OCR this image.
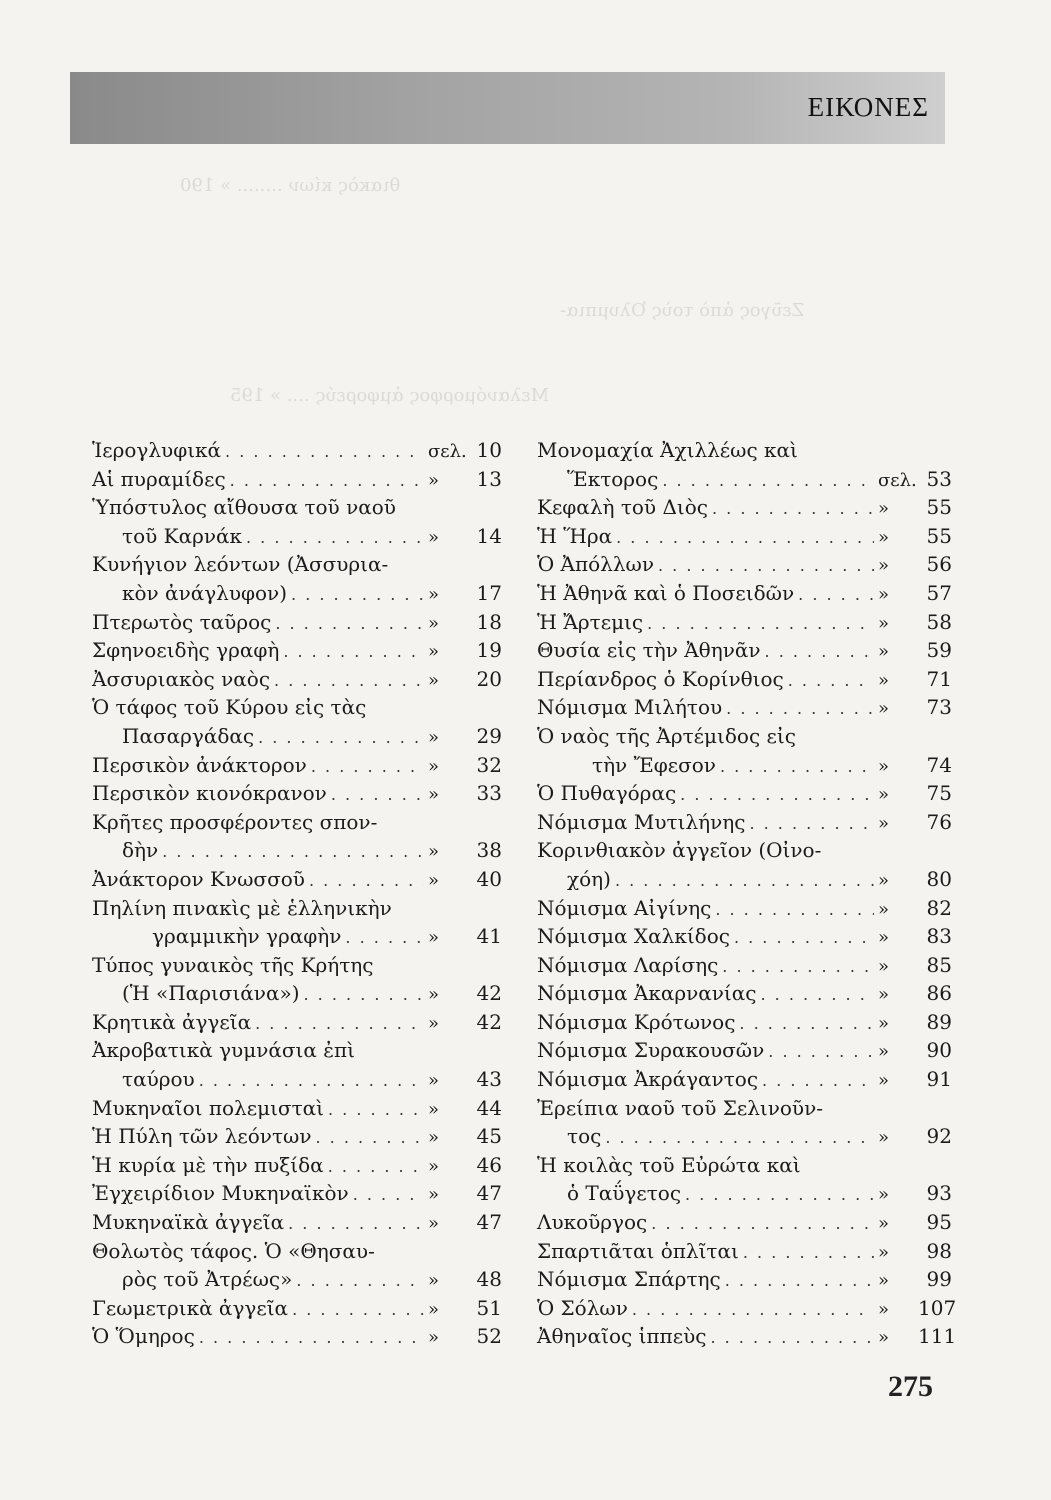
θιακὸς κίων ........ » 190
Ζεῦγος ἀπὸ τοὺς Ὀλυμπια-
Μελανόμορφος ἀμφορεύς .... » 195
ΕΙΚΟΝΕΣ
Ἱερογλυφικά . . .	σελ. 10
Αἱ πυραμίδες . . .	»	13
Ὑπόστυλος αἴθουσα τοῦ ναοῦ
τοῦ Καρνάκ . . .	»	14
Κυνήγιον λεόντων (Ἀσσυρια-
κὸν ἀνάγλυφον) . . .	»	17
Πτερωτὸς ταῦρος . . .	»	18
Σφηνοειδὴς γραφὴ . . .	»	19
Ἀσσυριακὸς ναὸς . . .	»	20
Ὁ τάφος τοῦ Κύρου εἰς τὰς
Πασαργάδας . . .	»	29
Περσικὸν ἀνάκτορον . . .	»	32
Περσικὸν κιονόκρανον . . .	»	33
Κρῆτες προσφέροντες σπον-
δὴν . . .	»	38
Ἀνάκτορον Κνωσσοῦ . . .	»	40
Πηλίνη πινακὶς μὲ ἑλληνικὴν
γραμμικὴν γραφὴν . . .	»	41
Τύπος γυναικὸς τῆς Κρήτης
(Ἡ «Παρισιάνα») . . .	»	42
Κρητικὰ ἀγγεῖα . . .	»	42
Ἀκροβατικὰ γυμνάσια ἐπὶ
ταύρου . . .	»	43
Μυκηναῖοι πολεμισταὶ . . .	»	44
Ἡ Πύλη τῶν λεόντων . . .	»	45
Ἡ κυρία μὲ τὴν πυξίδα . . .	»	46
Ἐγχειρίδιον Μυκηναϊκὸν . . .	»	47
Μυκηναϊκὰ ἀγγεῖα . . .	»	47
Θολωτὸς τάφος. Ὁ «Θησαυ-
ρὸς τοῦ Ἀτρέως» . . .	»	48
Γεωμετρικὰ ἀγγεῖα . . .	»	51
Ὁ Ὅμηρος . . .	»	52
Μονομαχία Ἀχιλλέως καὶ
Ἕκτορος . . .	σελ. 53
Κεφαλὴ τοῦ Διὸς . . .	»	55
Ἡ Ἥρα . . .	»	55
Ὁ Ἀπόλλων . . .	»	56
Ἡ Ἀθηνᾶ καὶ ὁ Ποσειδῶν . . .	»	57
Ἡ Ἄρτεμις . . .	»	58
Θυσία εἰς τὴν Ἀθηνᾶν . . .	»	59
Περίανδρος ὁ Κορίνθιος . . .	»	71
Νόμισμα Μιλήτου . . .	»	73
Ὁ ναὸς τῆς Ἀρτέμιδος εἰς
τὴν Ἔφεσον . . .	»	74
Ὁ Πυθαγόρας . . .	»	75
Νόμισμα Μυτιλήνης . . .	»	76
Κορινθιακὸν ἀγγεῖον (Οἰνο-
χόη) . . .	»	80
Νόμισμα Αἰγίνης . . .	»	82
Νόμισμα Χαλκίδος . . .	»	83
Νόμισμα Λαρίσης . . .	»	85
Νόμισμα Ἀκαρνανίας . . .	»	86
Νόμισμα Κρότωνος . . .	»	89
Νόμισμα Συρακουσῶν . . .	»	90
Νόμισμα Ἀκράγαντος . . .	»	91
Ἐρείπια ναοῦ τοῦ Σελινοῦν-
τος . . .	»	92
Ἡ κοιλὰς τοῦ Εὐρώτα καὶ
ὁ Ταΰγετος . . .	»	93
Λυκοῦργος . . .	»	95
Σπαρτιᾶται ὁπλῖται . . .	»	98
Νόμισμα Σπάρτης . . .	»	99
Ὁ Σόλων . . .	»	107
Ἀθηναῖος ἱππεὺς . . .	»	111
275
